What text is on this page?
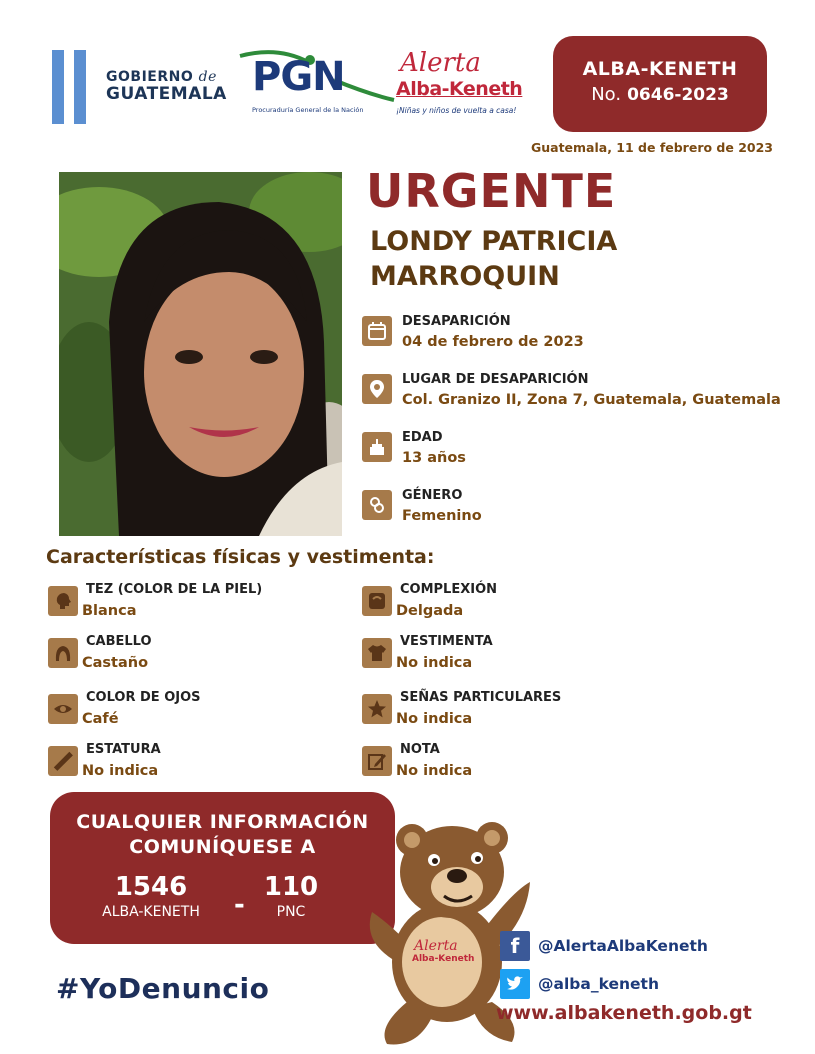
GOBIERNO de
GUATEMALA PGN
Procuraduría General de la Nación
Alerta
Alba-Keneth
¡Niñas y niños de vuelta a casa!
ALBA-KENETH
No. 0646-2023
Guatemala, 11 de febrero de 2023
URGENTE
LONDY PATRICIA
MARROQUIN
DESAPARICIÓN
04 de febrero de 2023
LUGAR DE DESAPARICIÓN
Col. Granizo II, Zona 7, Guatemala, Guatemala
EDAD
13 años
GÉNERO
Femenino
Características físicas y vestimenta:
TEZ (COLOR DE LA PIEL)
Blanca
CABELLO
Castaño
COLOR DE OJOS
Café
ESTATURA
No indica
COMPLEXIÓN
Delgada
VESTIMENTA
No indica
SEÑAS PARTICULARES
No indica
NOTA
No indica
CUALQUIER INFORMACIÓN
COMUNÍQUESE A
1546
ALBA-KENETH	-
110
PNC
#YoDenuncio
Alerta
Alba-Keneth
f	@AlertaAlbaKeneth
@alba_keneth
www.albakeneth.gob.gt
